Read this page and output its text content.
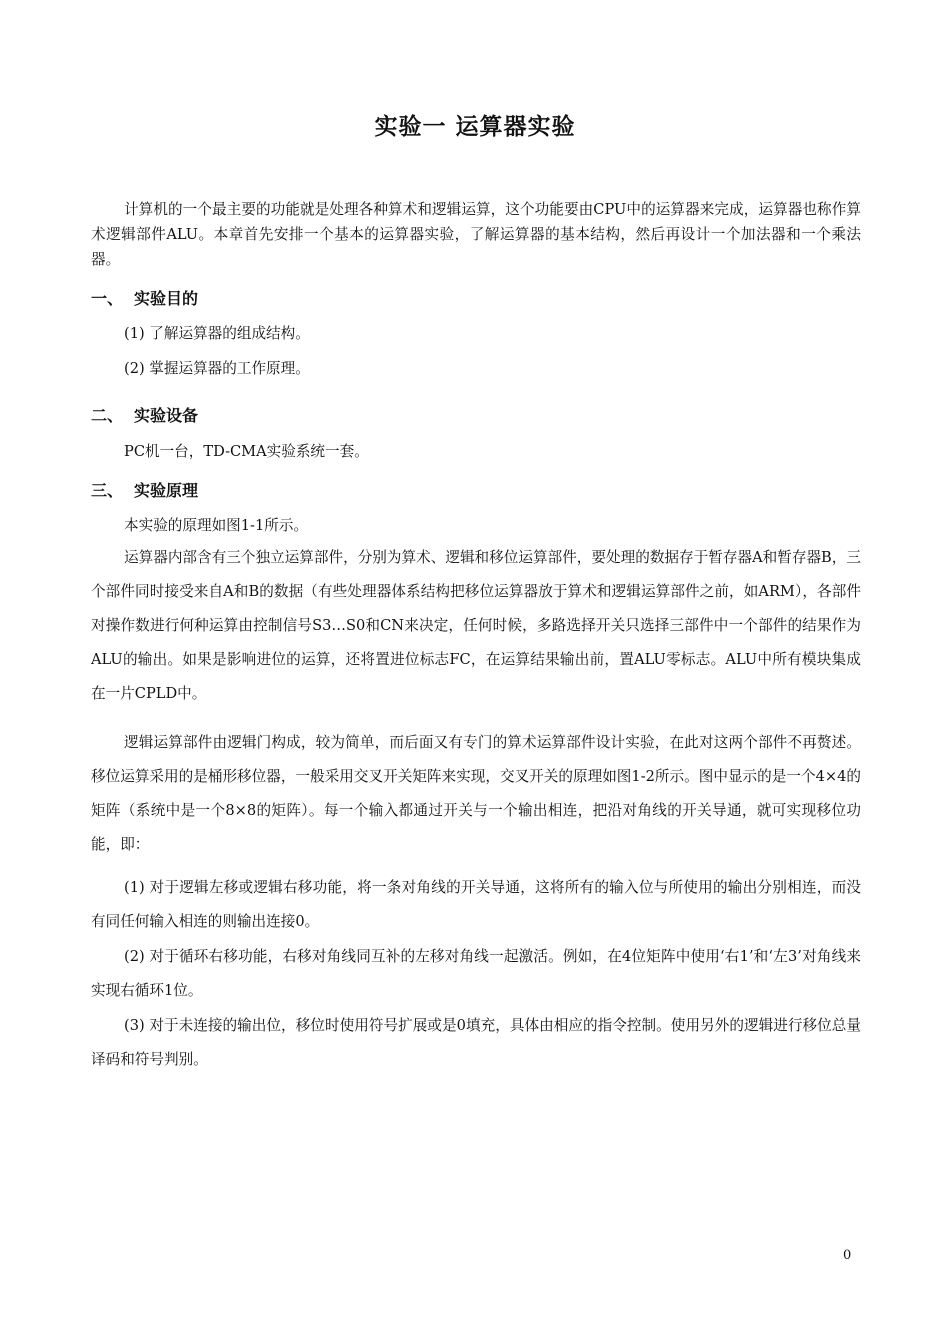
实验一 运算器实验
计算机的一个最主要的功能就是处理各种算术和逻辑运算，这个功能要由CPU中的运算器来完成，运算器也称作算术逻辑部件ALU。本章首先安排一个基本的运算器实验，了解运算器的基本结构，然后再设计一个加法器和一个乘法器。
一、 实验目的
(1) 了解运算器的组成结构。
(2) 掌握运算器的工作原理。
二、 实验设备
PC机一台，TD-CMA实验系统一套。
三、 实验原理
本实验的原理如图1-1所示。
运算器内部含有三个独立运算部件，分别为算术、逻辑和移位运算部件，要处理的数据存于暂存器A和暂存器B，三个部件同时接受来自A和B的数据（有些处理器体系结构把移位运算器放于算术和逻辑运算部件之前，如ARM），各部件对操作数进行何种运算由控制信号S3…S0和CN来决定，任何时候，多路选择开关只选择三部件中一个部件的结果作为ALU的输出。如果是影响进位的运算，还将置进位标志FC，在运算结果输出前，置ALU零标志。ALU中所有模块集成在一片CPLD中。
逻辑运算部件由逻辑门构成，较为简单，而后面又有专门的算术运算部件设计实验，在此对这两个部件不再赘述。移位运算采用的是桶形移位器，一般采用交叉开关矩阵来实现，交叉开关的原理如图1-2所示。图中显示的是一个4×4的矩阵（系统中是一个8×8的矩阵）。每一个输入都通过开关与一个输出相连，把沿对角线的开关导通，就可实现移位功能，即：
(1) 对于逻辑左移或逻辑右移功能，将一条对角线的开关导通，这将所有的输入位与所使用的输出分别相连，而没有同任何输入相连的则输出连接0。
(2) 对于循环右移功能，右移对角线同互补的左移对角线一起激活。例如，在4位矩阵中使用‘右1’和‘左3’对角线来实现右循环1位。
(3) 对于未连接的输出位，移位时使用符号扩展或是0填充，具体由相应的指令控制。使用另外的逻辑进行移位总量译码和符号判别。
0
